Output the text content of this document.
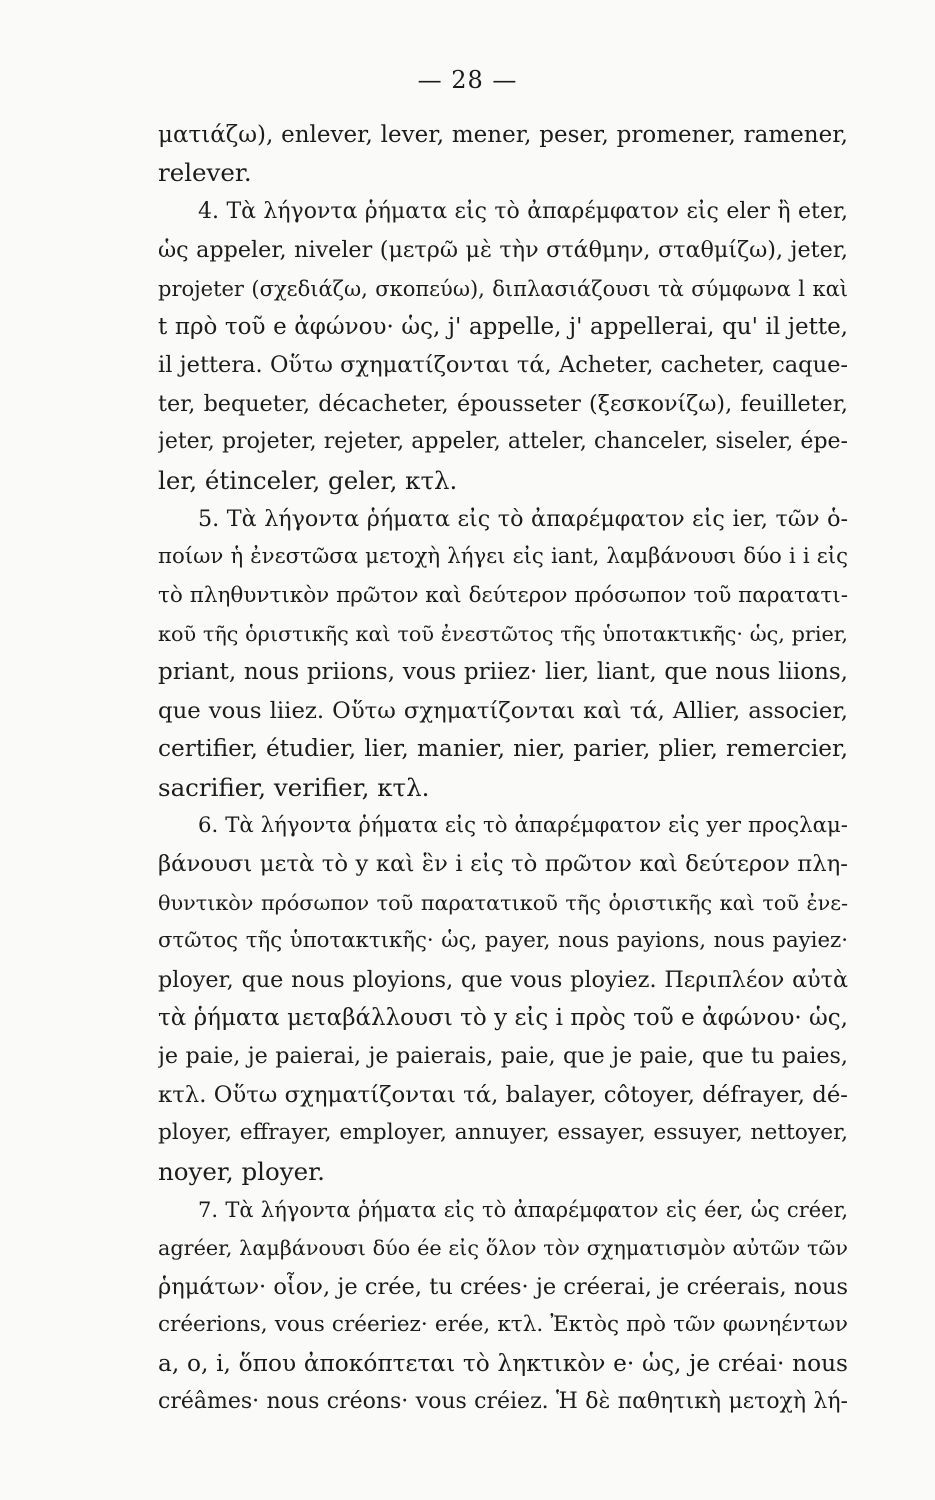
— 28 —
ματιάζω), enlever, lever, mener, peser, promener, ramener,
relever.
4. Τὰ λήγοντα ῥήματα εἰς τὸ ἀπαρέμφατον εἰς eler ἢ eter,
ὡς appeler, niveler (μετρῶ μὲ τὴν στάθμην, σταθμίζω), jeter,
projeter (σχεδιάζω, σκοπεύω), διπλασιάζουσι τὰ σύμφωνα l καὶ
t πρὸ τοῦ e ἀφώνου· ὡς, j' appelle, j' appellerai, qu' il jette,
il jettera. Οὕτω σχηματίζονται τά, Acheter, cacheter, caque-
ter, bequeter, décacheter, épousseter (ξεσκονίζω), feuilleter,
jeter, projeter, rejeter, appeler, atteler, chanceler, siseler, épe-
ler, étinceler, geler, κτλ.
5. Τὰ λήγοντα ῥήματα εἰς τὸ ἀπαρέμφατον εἰς ier, τῶν ὁ-
ποίων ἡ ἐνεστῶσα μετοχὴ λήγει εἰς iant, λαμβάνουσι δύο i i εἰς
τὸ πληθυντικὸν πρῶτον καὶ δεύτερον πρόσωπον τοῦ παρατατι-
κοῦ τῆς ὁριστικῆς καὶ τοῦ ἐνεστῶτος τῆς ὑποτακτικῆς· ὡς, prier,
priant, nous priions, vous priiez· lier, liant, que nous liions,
que vous liiez. Οὕτω σχηματίζονται καὶ τά, Allier, associer,
certifier, étudier, lier, manier, nier, parier, plier, remercier,
sacrifier, verifier, κτλ.
6. Τὰ λήγοντα ῥήματα εἰς τὸ ἀπαρέμφατον εἰς yer προςλαμ-
βάνουσι μετὰ τὸ y καὶ ἓν i εἰς τὸ πρῶτον καὶ δεύτερον πλη-
θυντικὸν πρόσωπον τοῦ παρατατικοῦ τῆς ὁριστικῆς καὶ τοῦ ἐνε-
στῶτος τῆς ὑποτακτικῆς· ὡς, payer, nous payions, nous payiez·
ployer, que nous ployions, que vous ployiez. Περιπλέον αὐτὰ
τὰ ῥήματα μεταβάλλουσι τὸ y εἰς i πρὸς τοῦ e ἀφώνου· ὡς,
je paie, je paierai, je paierais, paie, que je paie, que tu paies,
κτλ. Οὕτω σχηματίζονται τά, balayer, côtoyer, défrayer, dé-
ployer, effrayer, employer, annuyer, essayer, essuyer, nettoyer,
noyer, ployer.
7. Τὰ λήγοντα ῥήματα εἰς τὸ ἀπαρέμφατον εἰς éer, ὡς créer,
agréer, λαμβάνουσι δύο ée εἰς ὅλον τὸν σχηματισμὸν αὐτῶν τῶν
ῥημάτων· οἷον, je crée, tu crées· je créerai, je créerais, nous
créerions, vous créeriez· erée, κτλ. Ἐκτὸς πρὸ τῶν φωνηέντων
a, o, i, ὅπου ἀποκόπτεται τὸ ληκτικὸν e· ὡς, je créai· nous
créâmes· nous créons· vous créiez. Ἡ δὲ παθητικὴ μετοχὴ λή-
